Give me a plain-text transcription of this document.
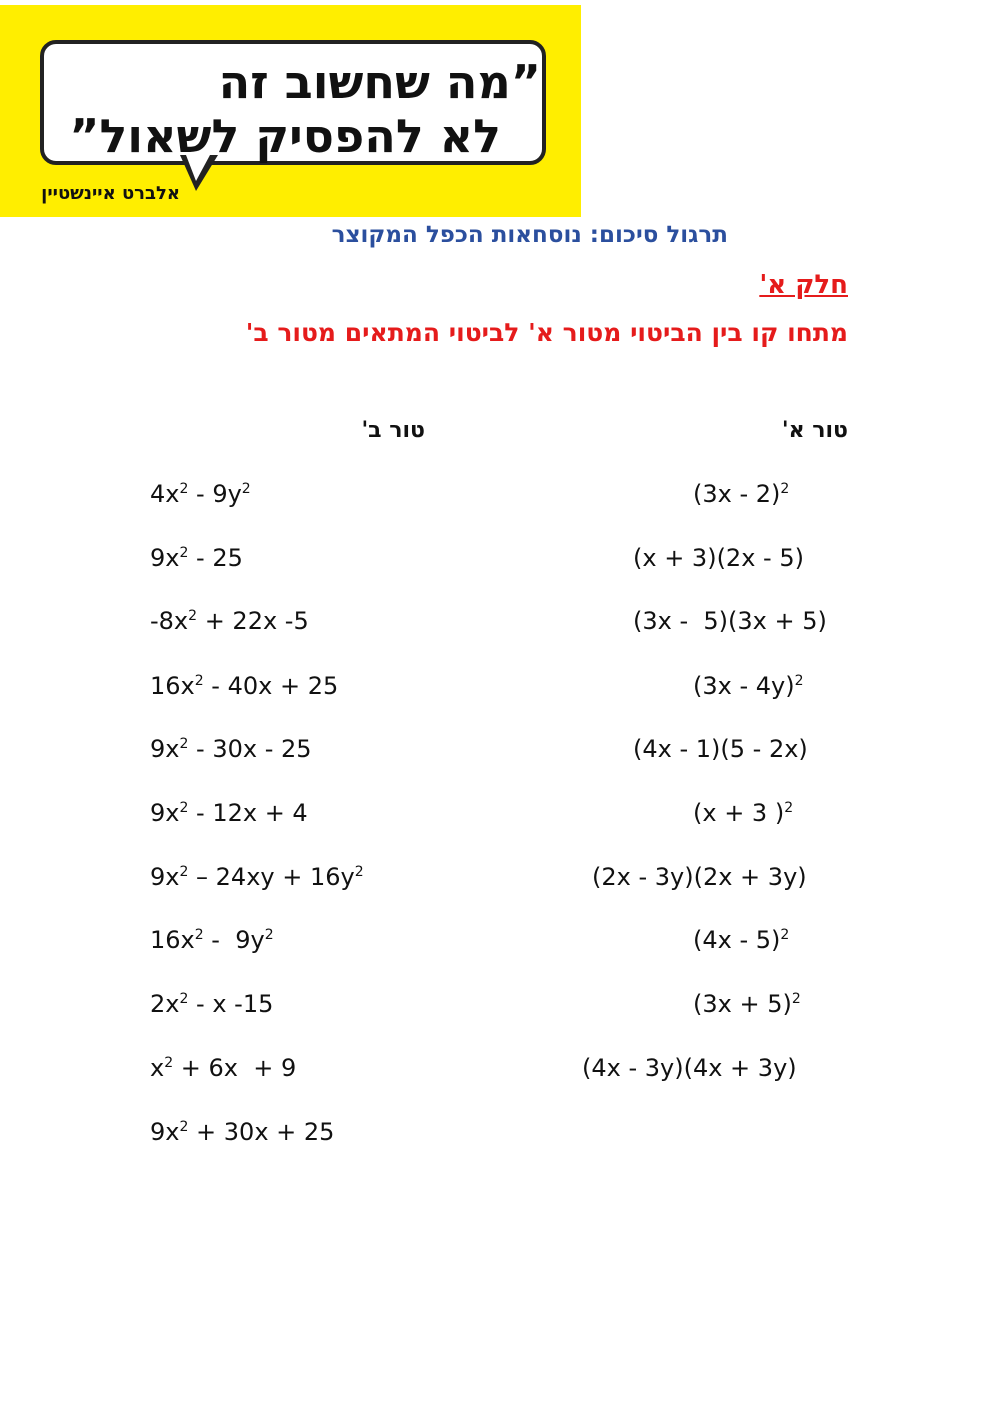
”מה שחשוב זה
לא להפסיק לשאול”
אלברט איינשטיין
תרגול סיכום: נוסחאות הכפל המקוצר
חלק א'
מתחו קו בין הביטוי מטור א' לביטוי המתאים מטור ב'
טור א'
טור ב'
(3x - 2)$^2$
(x + 3)(2x - 5)
(3x -  5)(3x + 5)
(3x - 4y)$^2$
(4x - 1)(5 - 2x)
(x + 3 )$^2$
(2x - 3y)(2x + 3y)
(4x - 5)$^2$
$(3x + 5)^2$
(4x - 3y)(4x + 3y)
$4x^2 - 9y^2$
$9x^2 - 25$
$-8x^2 + 22x$ -5
$16x^2 - 40x + 25$
$9x^2 - 30x - 25$
$9x^2 - 12x + 4$
$9x^2 - 24xy + 16y^2$
$16x^2 - 9y^2$
$2x^2$ - x -15
$x^2 + 6x + 9$
$9x^2 + 30x + 25$
